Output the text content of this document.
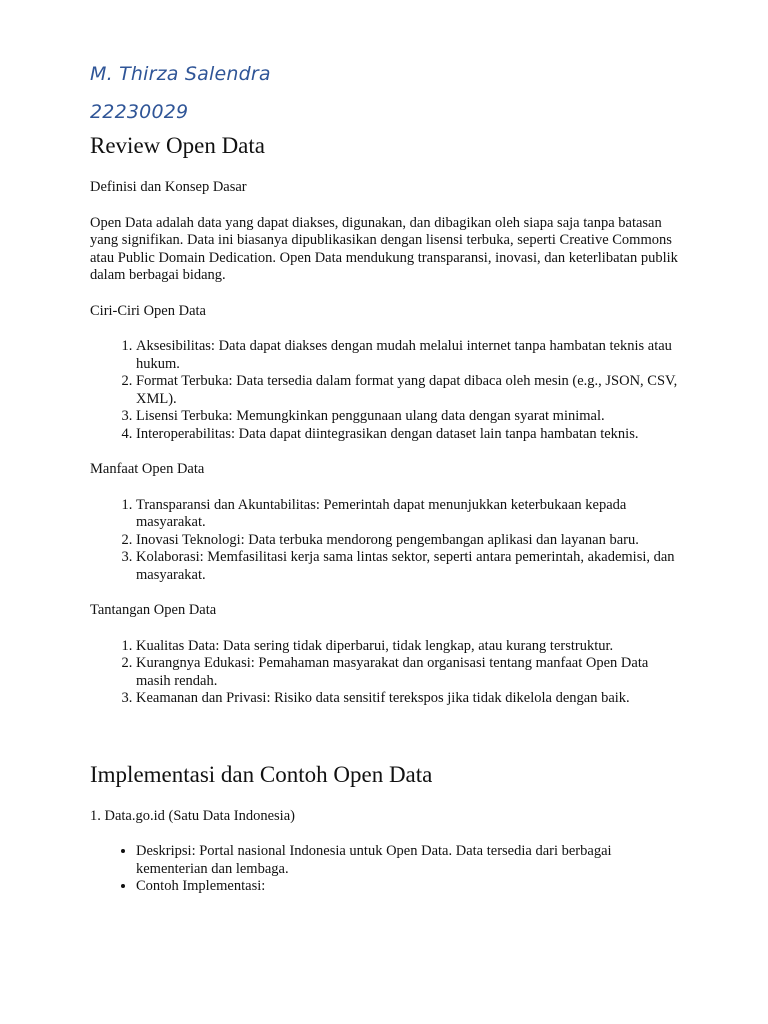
M. Thirza Salendra

22230029

Review Open Data

Definisi dan Konsep Dasar

Open Data adalah data yang dapat diakses, digunakan, dan dibagikan oleh siapa saja tanpa batasan yang signifikan. Data ini biasanya dipublikasikan dengan lisensi terbuka, seperti Creative Commons atau Public Domain Dedication. Open Data mendukung transparansi, inovasi, dan keterlibatan publik dalam berbagai bidang.

Ciri-Ciri Open Data

1. Aksesibilitas: Data dapat diakses dengan mudah melalui internet tanpa hambatan teknis atau hukum.
2. Format Terbuka: Data tersedia dalam format yang dapat dibaca oleh mesin (e.g., JSON, CSV, XML).
3. Lisensi Terbuka: Memungkinkan penggunaan ulang data dengan syarat minimal.
4. Interoperabilitas: Data dapat diintegrasikan dengan dataset lain tanpa hambatan teknis.

Manfaat Open Data

1. Transparansi dan Akuntabilitas: Pemerintah dapat menunjukkan keterbukaan kepada masyarakat.
2. Inovasi Teknologi: Data terbuka mendorong pengembangan aplikasi dan layanan baru.
3. Kolaborasi: Memfasilitasi kerja sama lintas sektor, seperti antara pemerintah, akademisi, dan masyarakat.

Tantangan Open Data

1. Kualitas Data: Data sering tidak diperbarui, tidak lengkap, atau kurang terstruktur.
2. Kurangnya Edukasi: Pemahaman masyarakat dan organisasi tentang manfaat Open Data masih rendah.
3. Keamanan dan Privasi: Risiko data sensitif terekspos jika tidak dikelola dengan baik.
Implementasi dan Contoh Open Data

1. Data.go.id (Satu Data Indonesia)

• Deskripsi: Portal nasional Indonesia untuk Open Data. Data tersedia dari berbagai kementerian dan lembaga.
• Contoh Implementasi:
